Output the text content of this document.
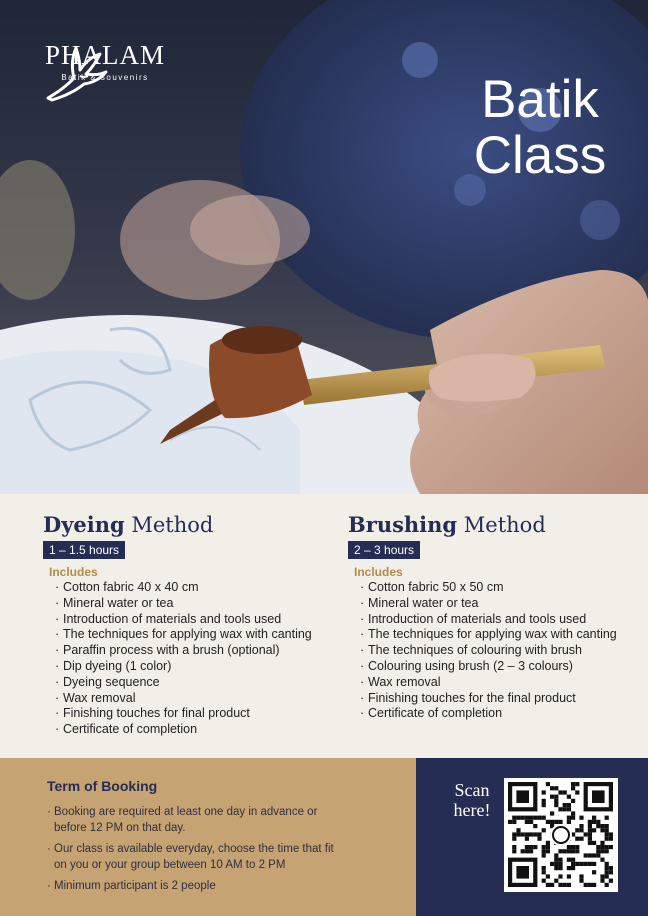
PHALAM
Batik & souvenirs	Batik
Class
Dyeing Method
1 – 1.5 hours
Includes
· Cotton fabric 40 x 40 cm
· Mineral water or tea
· Introduction of materials and tools used
· The techniques for applying wax with canting
· Paraffin process with a brush (optional)
· Dip dyeing (1 color)
· Dyeing sequence
· Wax removal
· Finishing touches for final product
· Certificate of completion
Brushing Method
2 – 3 hours
Includes
· Cotton fabric 50 x 50 cm
· Mineral water or tea
· Introduction of materials and tools used
· The techniques for applying wax with canting
· The techniques of colouring with brush
· Colouring using brush (2 – 3 colours)
· Wax removal
· Finishing touches for the final product
· Certificate of completion
Term of Booking
· Booking are required at least one day in advance or before 12 PM on that day.
· Our class is available everyday, choose the time that fit on you or your group between 10 AM to 2 PM
· Minimum participant is 2 people
Scan
here!
